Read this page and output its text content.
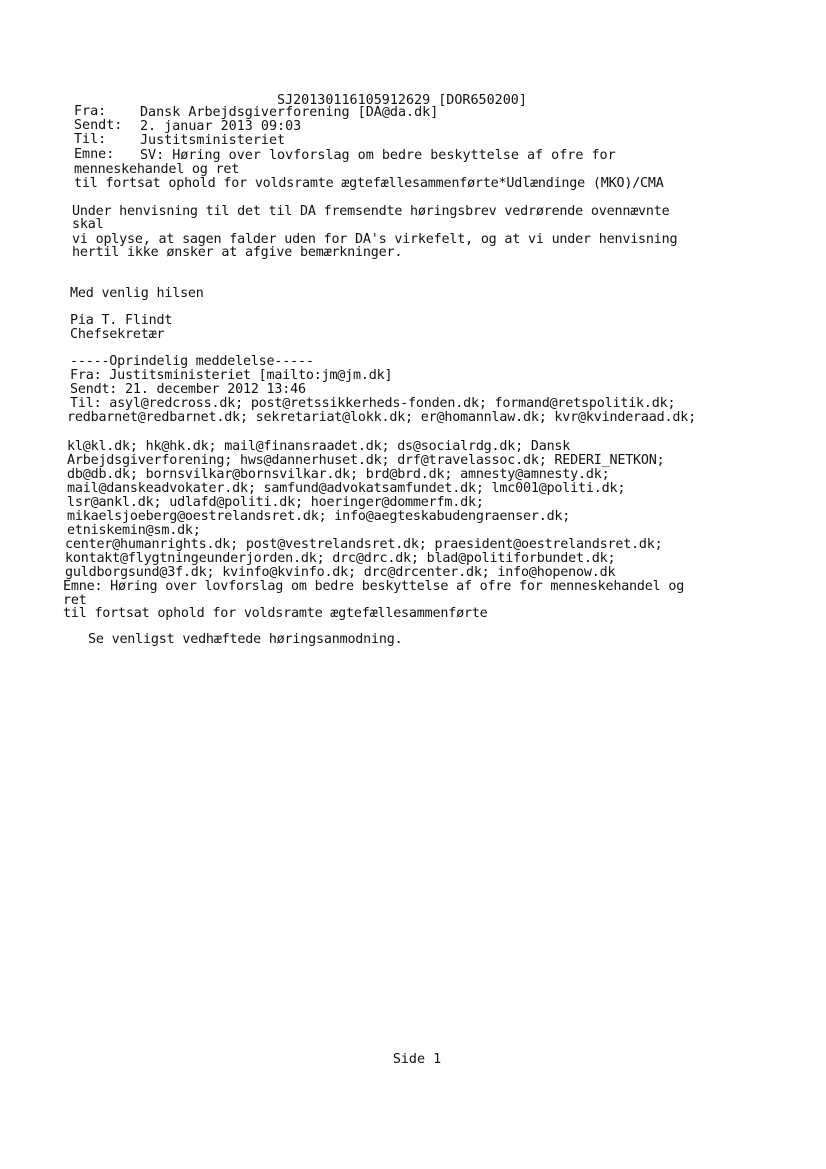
SJ20130116105912629 [DOR650200]
Fra:	Dansk Arbejdsgiverforening [DA@da.dk]
Sendt: 2. januar 2013 09:03
Til:	Justitsministeriet
Emne: SV: Høring over lovforslag om bedre beskyttelse af ofre for
menneskehandel og ret
til fortsat ophold for voldsramte ægtefællesammenførte*Udlændinge (MKO)/CMA
Under henvisning til det til DA fremsendte høringsbrev vedrørende ovennævnte
skal
vi oplyse, at sagen falder uden for DA's virkefelt, og at vi under henvisning
hertil ikke ønsker at afgive bemærkninger.
Med venlig hilsen
Pia T. Flindt
Chefsekretær
-----Oprindelig meddelelse-----
Fra: Justitsministeriet [mailto:jm@jm.dk]
Sendt: 21. december 2012 13:46
Til: asyl@redcross.dk; post@retssikkerheds-fonden.dk; formand@retspolitik.dk;
redbarnet@redbarnet.dk; sekretariat@lokk.dk; er@homannlaw.dk; kvr@kvinderaad.dk;
kl@kl.dk; hk@hk.dk; mail@finansraadet.dk; ds@socialrdg.dk; Dansk
Arbejdsgiverforening; hws@dannerhuset.dk; drf@travelassoc.dk; REDERI_NETKON;
db@db.dk; bornsvilkar@bornsvilkar.dk; brd@brd.dk; amnesty@amnesty.dk;
mail@danskeadvokater.dk; samfund@advokatsamfundet.dk; lmc001@politi.dk;
lsr@ankl.dk; udlafd@politi.dk; hoeringer@dommerfm.dk;
mikaelsjoeberg@oestrelandsret.dk; info@aegteskabudengraenser.dk;
etniskemin@sm.dk;
center@humanrights.dk; post@vestrelandsret.dk; praesident@oestrelandsret.dk;
kontakt@flygtningeunderjorden.dk; drc@drc.dk; blad@politiforbundet.dk;
guldborgsund@3f.dk; kvinfo@kvinfo.dk; drc@drcenter.dk; info@hopenow.dk
Emne: Høring over lovforslag om bedre beskyttelse af ofre for menneskehandel og
ret
til fortsat ophold for voldsramte ægtefællesammenførte
Se venligst vedhæftede høringsanmodning.
Side 1
